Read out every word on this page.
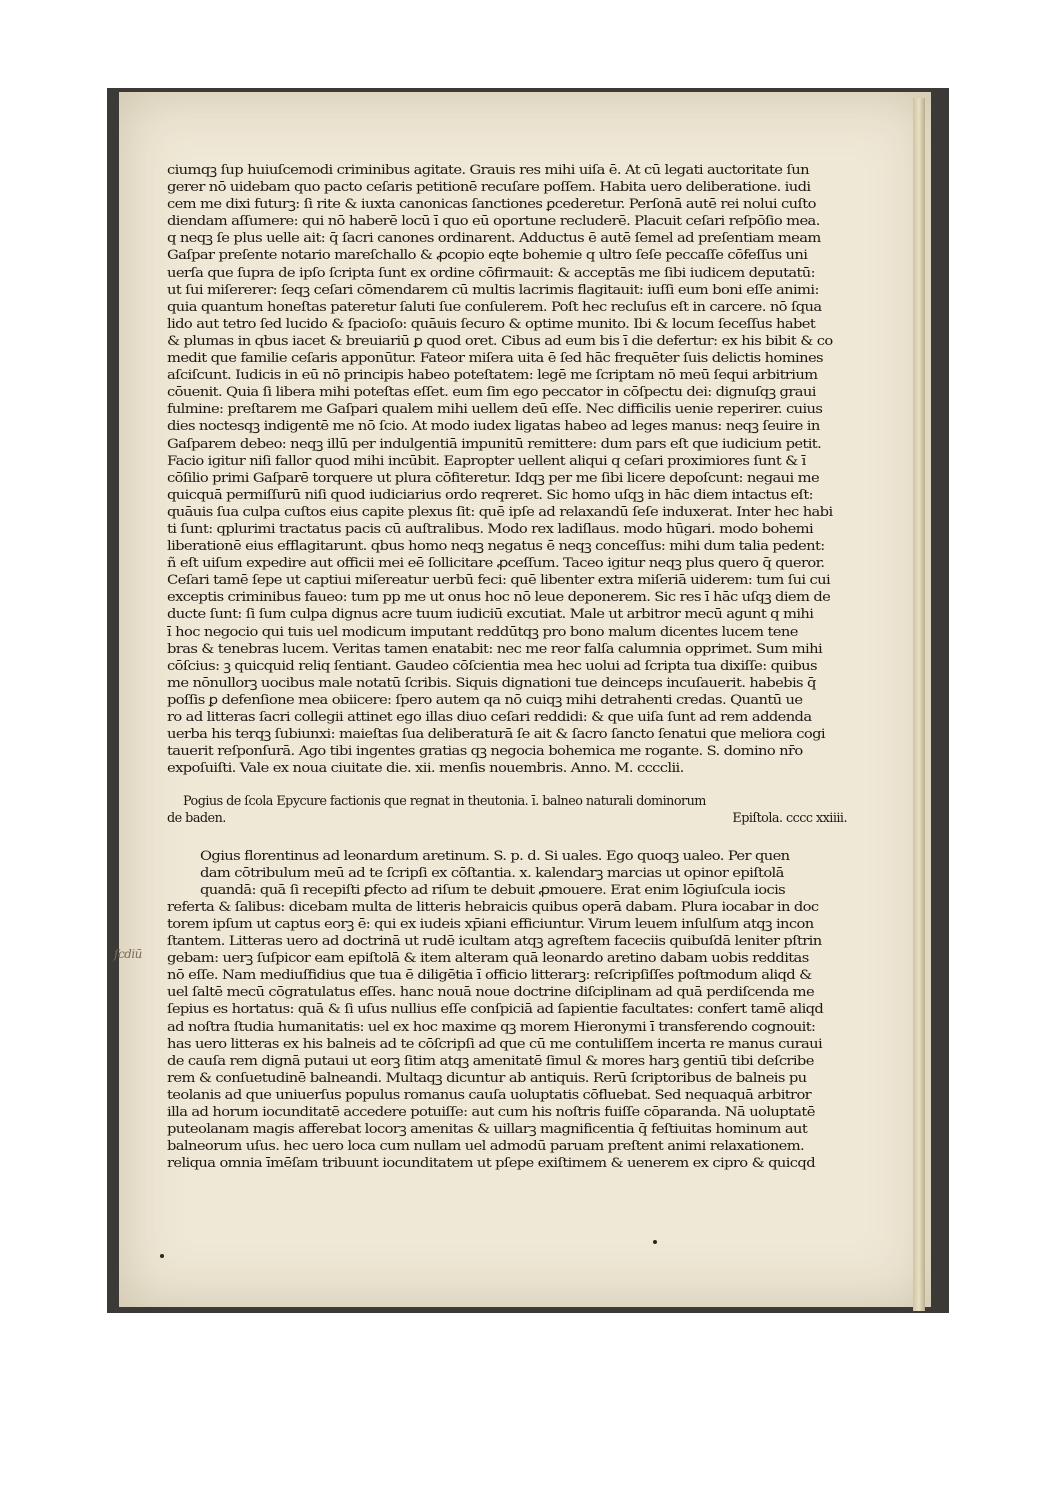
ciumqꝫ ſup huiuſcemodi criminibus agitate. Grauis res mihi uiſa ē. At cū legati auctoritate ſun
gerer nō uidebam quo pacto ceſaris petitionē recuſare poſſem. Habita uero deliberatione. iudi
cem me dixi futurꝫ: ſi rite & iuxta canonicas ſanctiones ꝑcederetur. Perſonā autē rei nolui cuſto
diendam aſſumere: qui nō haberē locū ī quo eū oportune recluderē. Placuit ceſari reſpōſio mea.
q neqꝫ ſe plus uelle ait: q̄ ſacri canones ordinarent. Adductus ē autē ſemel ad preſentiam meam
Gaſpar preſente notario mareſchallo & ꝓcopio eqte bohemie q ultro ſeſe peccaſſe cōfeſſus uni
uerſa que ſupra de ipſo ſcripta ſunt ex ordine cōfirmauit: & acceptās me ſibi iudicem deputatū:
ut ſui miſererer: ſeqꝫ ceſari cōmendarem cū multis lacrimis flagitauit: iuſſi eum boni eſſe animi:
quia quantum honeſtas pateretur ſaluti ſue conſulerem. Poſt hec recluſus eſt in carcere. nō ſqua
lido aut tetro ſed lucido & ſpacioſo: quāuis ſecuro & optime munito. Ibi & locum ſeceſſus habet
& plumas in qbus iacet & breuiariū ꝑ quod oret. Cibus ad eum bis ī die defertur: ex his bibit & co
medit que familie ceſaris apponūtur. Fateor miſera uita ē ſed hāc frequēter ſuis delictis homines
aſciſcunt. Iudicis in eū nō principis habeo poteſtatem: legē me ſcriptam nō meū ſequi arbitrium
cōuenit. Quia ſi libera mihi poteſtas eſſet. eum ſim ego peccator in cōſpectu dei: dignuſqꝫ graui
fulmine: preſtarem me Gaſpari qualem mihi uellem deū eſſe. Nec difficilis uenie reperirer. cuius
dies noctesqꝫ indigentē me nō ſcio. At modo iudex ligatas habeo ad leges manus: neqꝫ ſeuire in
Gaſparem debeo: neqꝫ illū per indulgentiā impunitū remittere: dum pars eſt que iudicium petit.
Facio igitur niſi fallor quod mihi incūbit. Eapropter uellent aliqui q ceſari proximiores ſunt & ī
cōſilio primi Gaſparē torquere ut plura cōfiteretur. Idqꝫ per me ſibi licere depoſcunt: negaui me
quicquā permiſſurū niſi quod iudiciarius ordo reqreret. Sic homo uſqꝫ in hāc diem intactus eſt:
quāuis ſua culpa cuſtos eius capite plexus ſit: quē ipſe ad relaxandū ſeſe induxerat. Inter hec habi
ti ſunt: qplurimi tractatus pacis cū auſtralibus. Modo rex ladiſlaus. modo hūgari. modo bohemi
liberationē eius efflagitarunt. qbus homo neqꝫ negatus ē neqꝫ conceſſus: mihi dum talia pedent:
ñ eſt uiſum expedire aut officii mei eē ſollicitare ꝓceſſum. Taceo igitur neqꝫ plus quero q̄ queror.
Ceſari tamē ſepe ut captiui miſereatur uerbū feci: quē libenter extra miſeriā uiderem: tum ſui cui
exceptis criminibus faueo: tum pp me ut onus hoc nō leue deponerem. Sic res ī hāc uſqꝫ diem de
ducte ſunt: ſi ſum culpa dignus acre tuum iudiciū excutiat. Male ut arbitror mecū agunt q mihi
ī hoc negocio qui tuis uel modicum imputant reddūtqꝫ pro bono malum dicentes lucem tene
bras & tenebras lucem. Veritas tamen enatabit: nec me reor falſa calumnia opprimet. Sum mihi
cōſcius: ꝫ quicquid reliq ſentiant. Gaudeo cōſcientia mea hec uolui ad ſcripta tua dixiſſe: quibus
me nōnullorꝫ uocibus male notatū ſcribis. Siquis dignationi tue deinceps incuſauerit. habebis q̄
poſſis ꝑ defenſione mea obiicere: ſpero autem qa nō cuiqꝫ mihi detrahenti credas. Quantū ue
ro ad litteras ſacri collegii attinet ego illas diuo ceſari reddidi: & que uiſa ſunt ad rem addenda
uerba his terqꝫ ſubiunxi: maieſtas ſua deliberaturā ſe ait & ſacro ſancto ſenatui que meliora cogi
tauerit reſponſurā. Ago tibi ingentes gratias qꝫ negocia bohemica me rogante. S. domino nr̄o
expoſuiſti. Vale ex noua ciuitate die. xii. menſis nouembris. Anno. M. cccclii.
Pogius de ſcola Epycure factionis que regnat in theutonia. ī. balneo naturali dominorum
de baden.	Epiſtola. cccc xxiiii.
Ogius florentinus ad leonardum aretinum. S. p. d. Si uales. Ego quoqꝫ ualeo. Per quen
dam cōtribulum meū ad te ſcripſi ex cōſtantia. x. kalendarꝫ marcias ut opinor epiſtolā
quandā: quā ſi recepiſti ꝑfecto ad riſum te debuit ꝓmouere. Erat enim lōgiuſcula iocis
referta & ſalibus: dicebam multa de litteris hebraicis quibus operā dabam. Plura iocabar in doc
torem ipſum ut captus eorꝫ ē: qui ex iudeis xp̄iani efficiuntur. Virum leuem inſulſum atqꝫ incon
ſtantem. Litteras uero ad doctrinā ut rudē icultam atqꝫ agreſtem faceciis quibuſdā leniter pſtrin
gebam: uerꝫ ſuſpicor eam epiſtolā & item alteram quā leonardo aretino dabam uobis redditas
nō eſſe. Nam mediuſfidius que tua ē diligētia ī officio litterarꝫ: reſcripſiſſes poſtmodum aliqd &
uel ſaltē mecū cōgratulatus eſſes. hanc nouā noue doctrine diſciplinam ad quā perdiſcenda me
ſepius es hortatus: quā & ſi uſus nullius eſſe conſpiciā ad ſapientie facultates: confert tamē aliqd
ad noſtra ſtudia humanitatis: uel ex hoc maxime qꝫ morem Hieronymi ī transferendo cognouit:
has uero litteras ex his balneis ad te cōſcripſi ad que cū me contuliſſem incerta re manus curaui
de cauſa rem dignā putaui ut eorꝫ ſitim atqꝫ amenitatē ſimul & mores harꝫ gentiū tibi deſcribe
rem & conſuetudinē balneandi. Multaqꝫ dicuntur ab antiquis. Rerū ſcriptoribus de balneis pu
teolanis ad que uniuerſus populus romanus cauſa uoluptatis cōfluebat. Sed nequaquā arbitror
illa ad horum iocunditatē accedere potuiſſe: aut cum his noſtris fuiſſe cōparanda. Nā uoluptatē
puteolanam magis afferebat locorꝫ amenitas & uillarꝫ magnificentia q̄ feſtiuitas hominum aut
balneorum uſus. hec uero loca cum nullam uel admodū paruam preſtent animi relaxationem.
reliqua omnia īmēſam tribuunt iocunditatem ut pſepe exiſtimem & uenerem ex cipro & quicqd
ſcdiū
